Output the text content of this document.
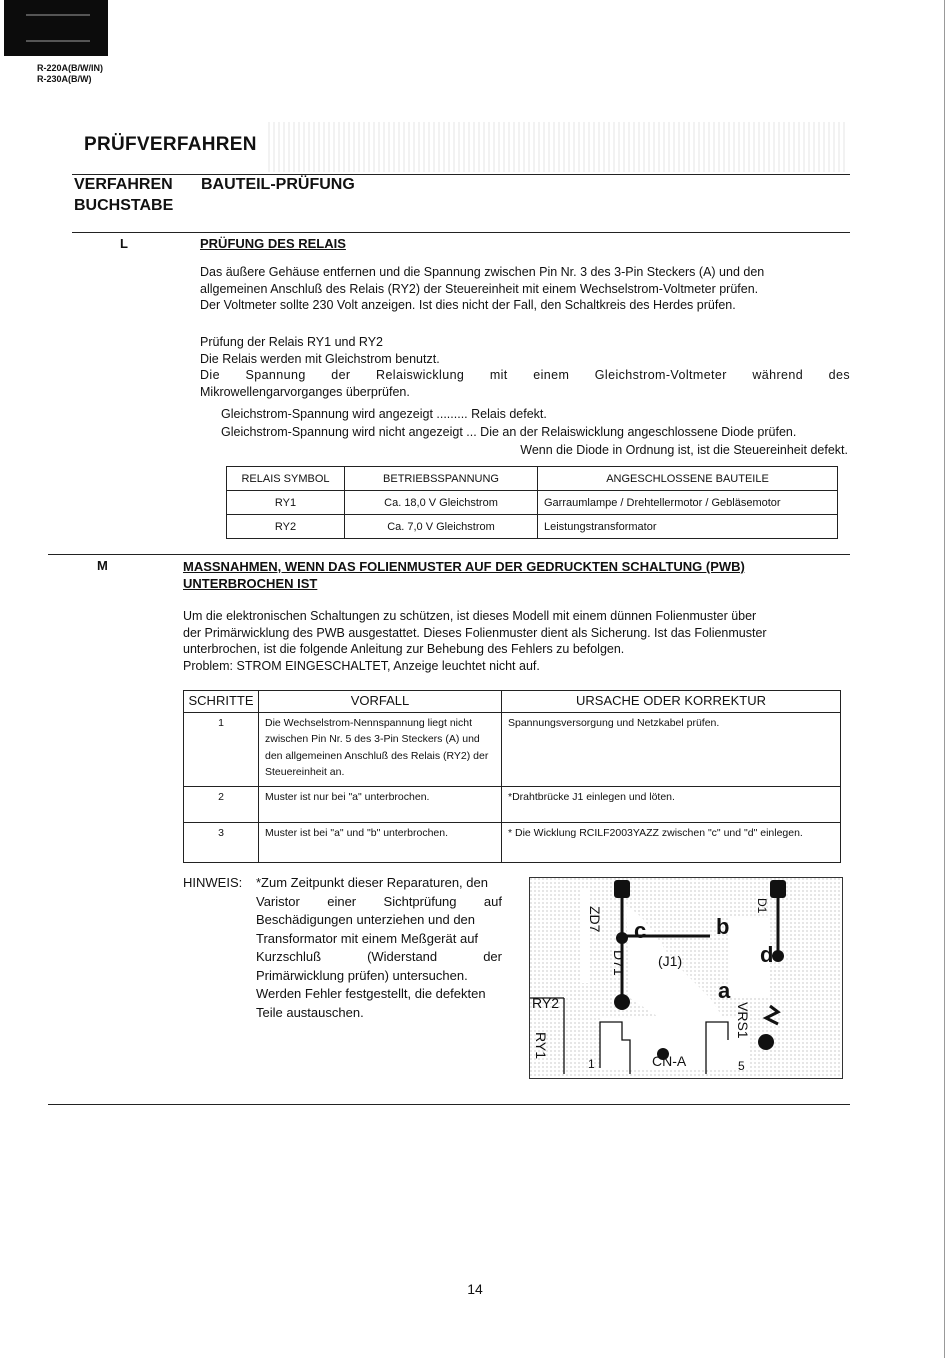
R-220A(B/W/IN)
R-230A(B/W)
PRÜFVERFAHREN
VERFAHREN
BUCHSTABE
BAUTEIL-PRÜFUNG
L	PRÜFUNG DES RELAIS
Das äußere Gehäuse entfernen und die Spannung zwischen Pin Nr. 3 des 3-Pin Steckers (A) und den
allgemeinen Anschluß des Relais (RY2) der Steuereinheit mit einem Wechselstrom-Voltmeter prüfen.
Der Voltmeter sollte 230 Volt anzeigen. Ist dies nicht der Fall, den Schaltkreis des Herdes prüfen.
Prüfung der Relais RY1 und RY2
Die Relais werden mit Gleichstrom benutzt.
Die Spannung der Relaiswicklung mit einem Gleichstrom-Voltmeter während des
Mikrowellengarvorganges überprüfen.
Gleichstrom-Spannung wird angezeigt ......... Relais defekt.
Gleichstrom-Spannung wird nicht angezeigt ... Die an der Relaiswicklung angeschlossene Diode prüfen.
Wenn die Diode in Ordnung ist, ist die Steuereinheit defekt.
RELAIS SYMBOL	BETRIEBSSPANNUNG	ANGESCHLOSSENE BAUTEILE
RY1	Ca. 18,0 V Gleichstrom	Garraumlampe / Drehtellermotor / Gebläsemotor
RY2	Ca. 7,0 V Gleichstrom	Leistungstransformator
M	MASSNAHMEN, WENN DAS FOLIENMUSTER AUF DER GEDRUCKTEN SCHALTUNG (PWB)
UNTERBROCHEN IST
Um die elektronischen Schaltungen zu schützen, ist dieses Modell mit einem dünnen Folienmuster über
der Primärwicklung des PWB ausgestattet. Dieses Folienmuster dient als Sicherung. Ist das Folienmuster
unterbrochen, ist die folgende Anleitung zur Behebung des Fehlers zu befolgen.
Problem: STROM EINGESCHALTET, Anzeige leuchtet nicht auf.
SCHRITTE	VORFALL	URSACHE ODER KORREKTUR
1	Die Wechselstrom-Nennspannung liegt nicht zwischen Pin Nr. 5 des 3-Pin Steckers (A) und den allgemeinen Anschluß des Relais (RY2) der Steuereinheit an.	Spannungsversorgung und Netzkabel prüfen.
2	Muster ist nur bei "a" unterbrochen.	*Drahtbrücke J1 einlegen und löten.
3	Muster ist bei "a" und "b" unterbrochen.	* Die Wicklung RCILF2003YAZZ zwischen "c" und "d" einlegen.
HINWEIS: *Zum Zeitpunkt dieser Reparaturen, den
Varistor einer Sichtprüfung auf
Beschädigungen unterziehen und den
Transformator mit einem Meßgerät auf
Kurzschluß (Widerstand der
Primärwicklung prüfen) untersuchen.
Werden Fehler festgestellt, die defekten
Teile austauschen.
ZD7
D71
D1
c	b
(J1)	d
a
VRS1
RY2
RY1
1	CN-A	5
14
